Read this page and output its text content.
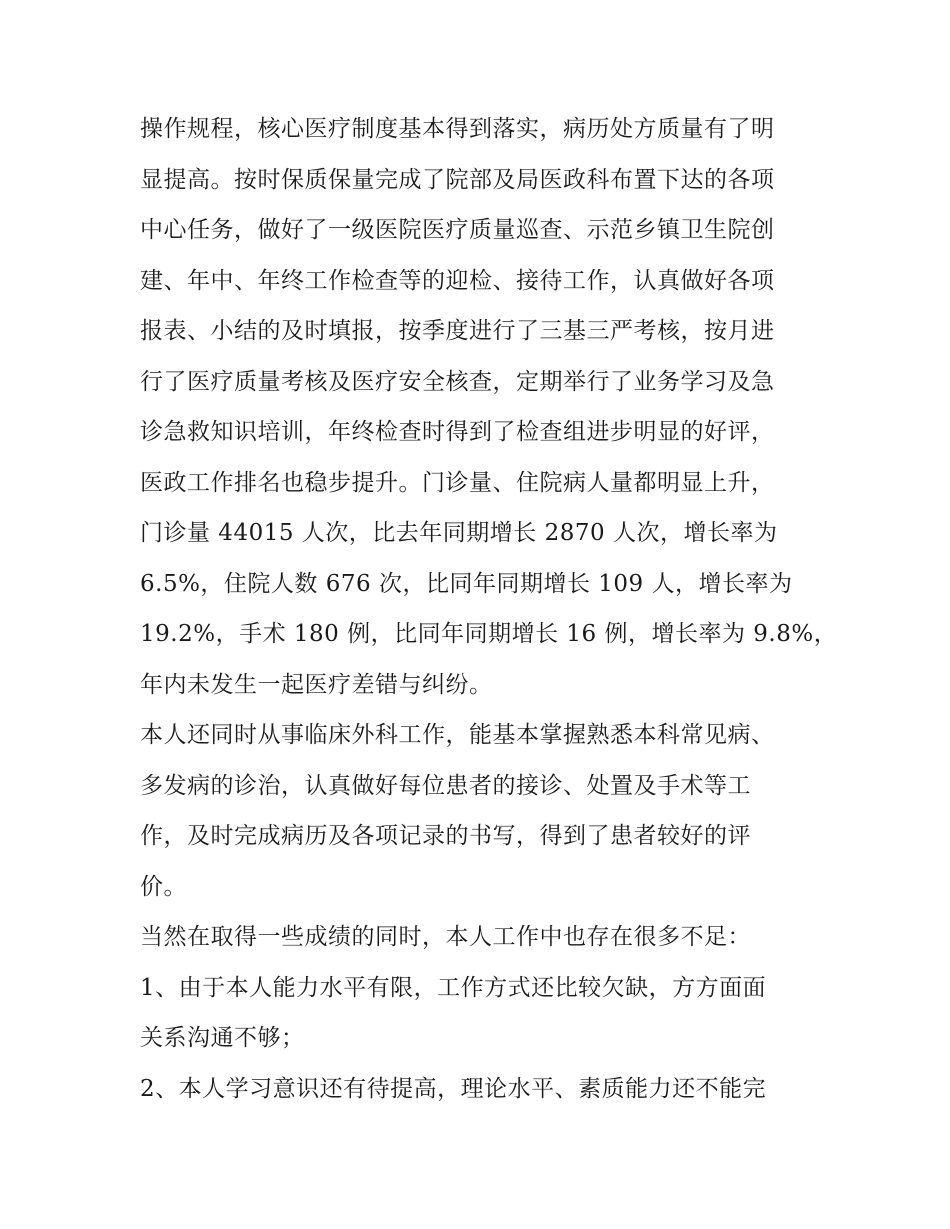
操作规程，核心医疗制度基本得到落实，病历处方质量有了明
显提高。按时保质保量完成了院部及局医政科布置下达的各项
中心任务，做好了一级医院医疗质量巡查、示范乡镇卫生院创
建、年中、年终工作检查等的迎检、接待工作，认真做好各项
报表、小结的及时填报，按季度进行了三基三严考核，按月进
行了医疗质量考核及医疗安全核查，定期举行了业务学习及急
诊急救知识培训，年终检查时得到了检查组进步明显的好评，
医政工作排名也稳步提升。门诊量、住院病人量都明显上升，
门诊量 44015 人次，比去年同期增长 2870 人次，增长率为
6.5%，住院人数 676 次，比同年同期增长 109 人，增长率为
19.2%，手术 180 例，比同年同期增长 16 例，增长率为 9.8%，
年内未发生一起医疗差错与纠纷。
本人还同时从事临床外科工作，能基本掌握熟悉本科常见病、
多发病的诊治，认真做好每位患者的接诊、处置及手术等工
作，及时完成病历及各项记录的书写，得到了患者较好的评
价。
当然在取得一些成绩的同时，本人工作中也存在很多不足：
1、由于本人能力水平有限，工作方式还比较欠缺，方方面面
关系沟通不够；
2、本人学习意识还有待提高，理论水平、素质能力还不能完
